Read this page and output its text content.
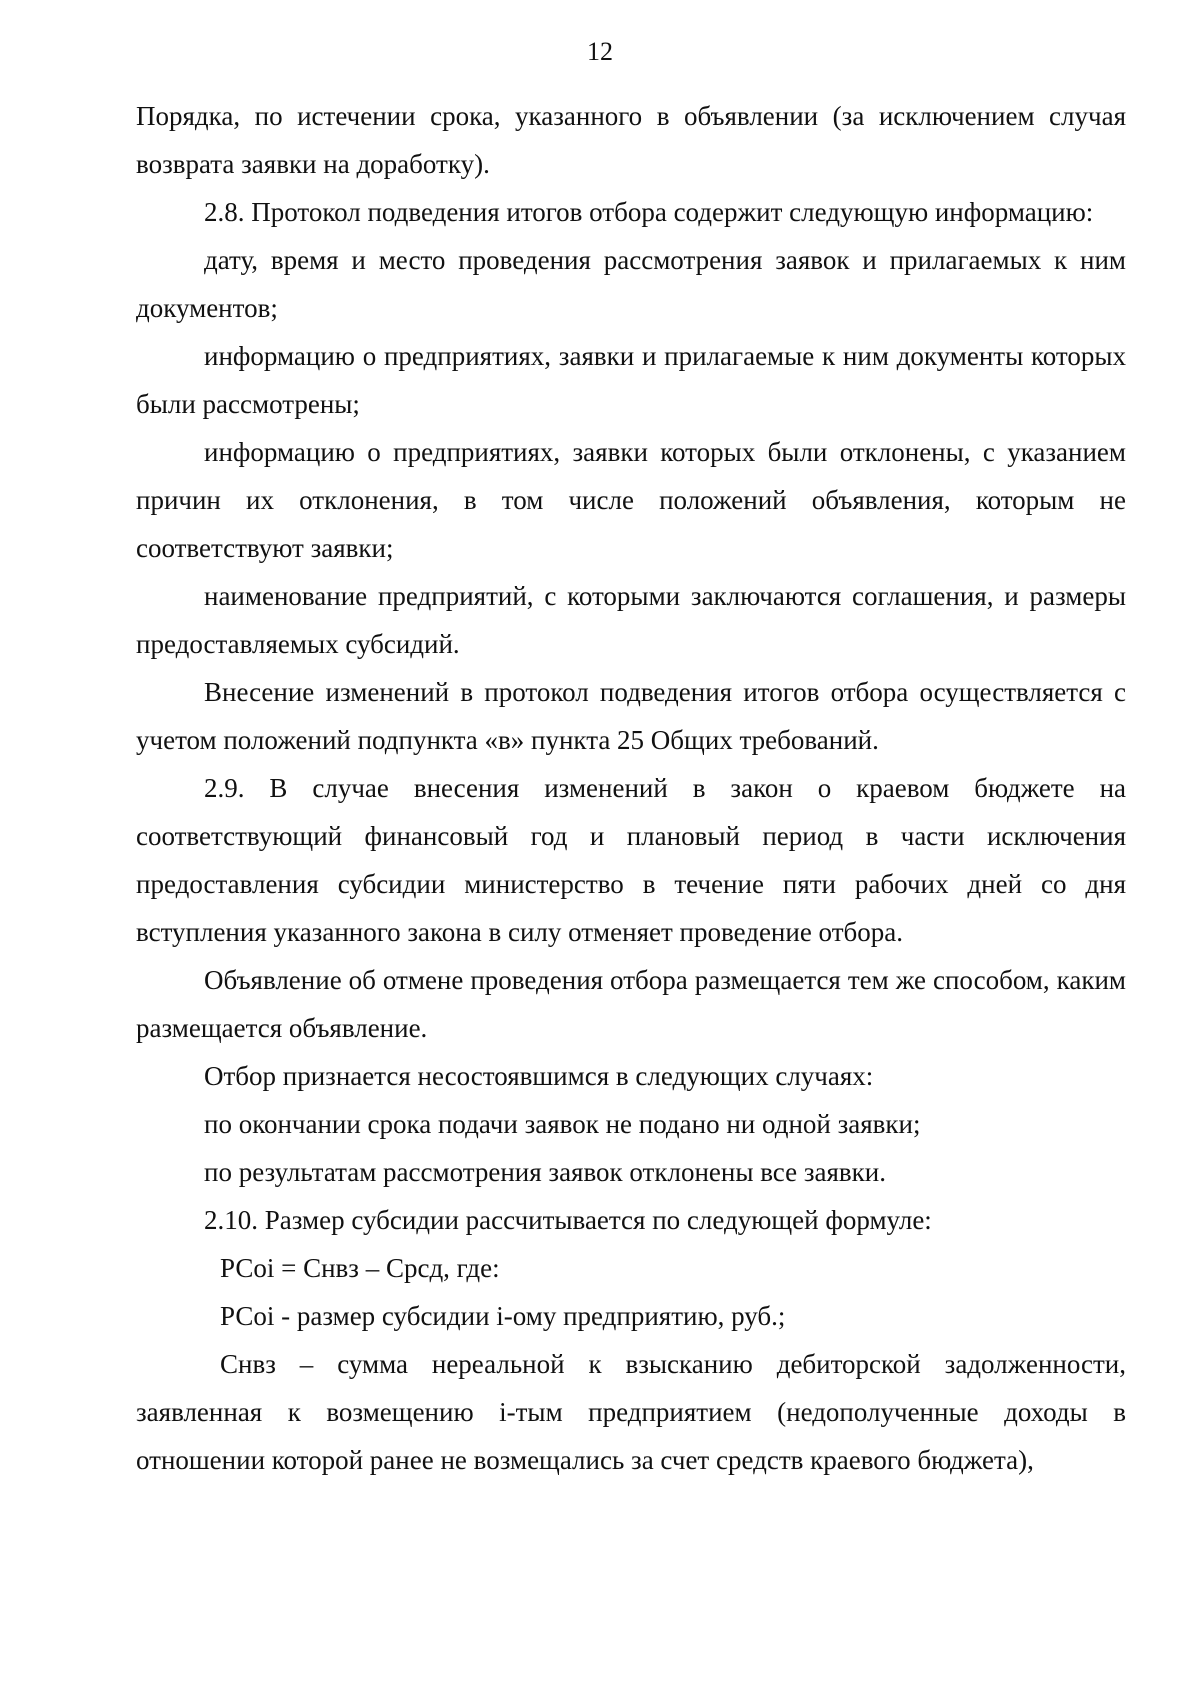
12

Порядка, по истечении срока, указанного в объявлении (за исключением случая возврата заявки на доработку).

2.8. Протокол подведения итогов отбора содержит следующую информацию:

дату, время и место проведения рассмотрения заявок и прилагаемых к ним документов;

информацию о предприятиях, заявки и прилагаемые к ним документы которых были рассмотрены;

информацию о предприятиях, заявки которых были отклонены, с указанием причин их отклонения, в том числе положений объявления, которым не соответствуют заявки;

наименование предприятий, с которыми заключаются соглашения, и размеры предоставляемых субсидий.

Внесение изменений в протокол подведения итогов отбора осуществляется с учетом положений подпункта «в» пункта 25 Общих требований.

2.9. В случае внесения изменений в закон о краевом бюджете на соответствующий финансовый год и плановый период в части исключения предоставления субсидии министерство в течение пяти рабочих дней со дня вступления указанного закона в силу отменяет проведение отбора.

Объявление об отмене проведения отбора размещается тем же способом, каким размещается объявление.

Отбор признается несостоявшимся в следующих случаях:

по окончании срока подачи заявок не подано ни одной заявки;

по результатам рассмотрения заявок отклонены все заявки.

2.10. Размер субсидии рассчитывается по следующей формуле:

РСоi = Снвз – Срсд, где:

РСоi - размер субсидии i-ому предприятию, руб.;

Снвз – сумма нереальной к взысканию дебиторской задолженности, заявленная к возмещению i-тым предприятием (недополученные доходы в отношении которой ранее не возмещались за счет средств краевого бюджета),
